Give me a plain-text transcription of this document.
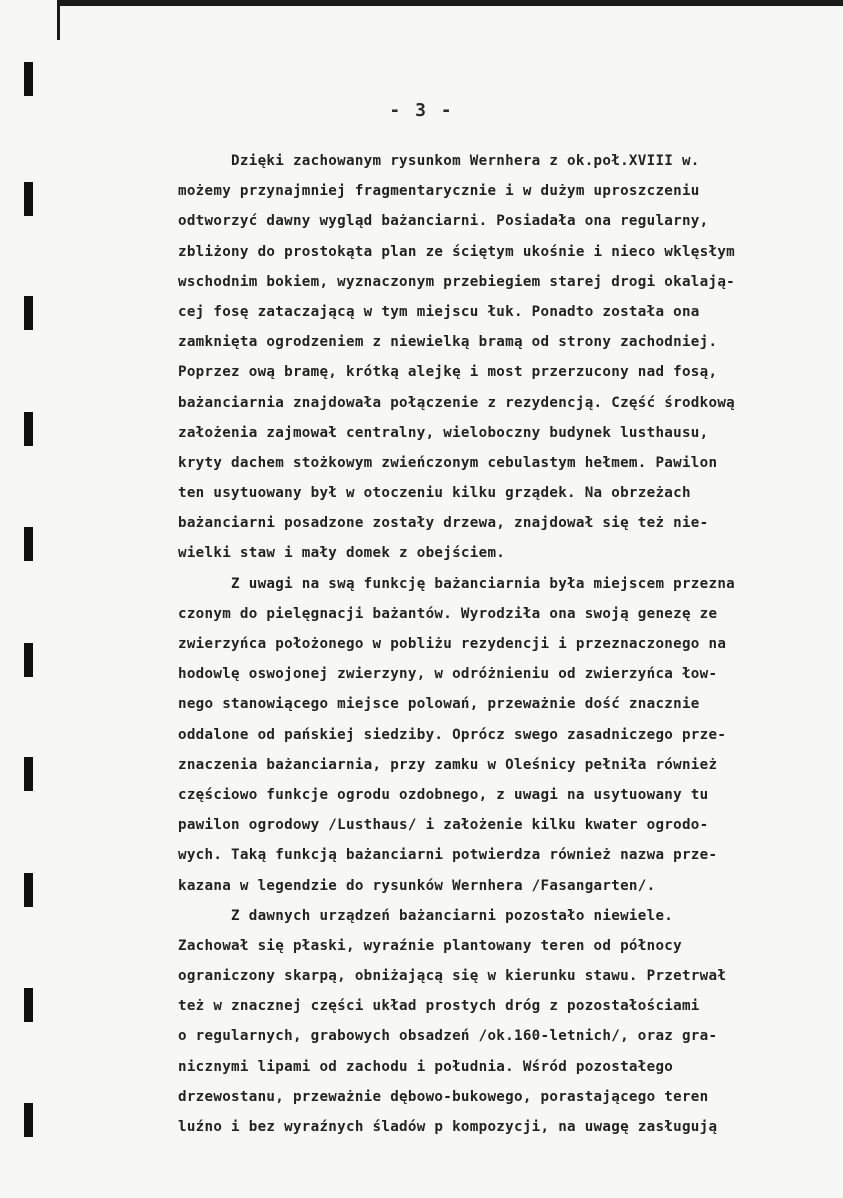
- 3 -
Dzięki zachowanym rysunkom Wernhera z ok.poł.XVIII w.
możemy przynajmniej fragmentarycznie i w dużym uproszczeniu
odtworzyć dawny wygląd bażanciarni. Posiadała ona regularny,
zbliżony do prostokąta plan ze ściętym ukośnie i nieco wklęsłym
wschodnim bokiem, wyznaczonym przebiegiem starej drogi okalają-
cej fosę zataczającą w tym miejscu łuk. Ponadto została ona
zamknięta ogrodzeniem z niewielką bramą od strony zachodniej.
Poprzez ową bramę, krótką alejkę i most przerzucony nad fosą,
bażanciarnia znajdowała połączenie z rezydencją. Część środkową
założenia zajmował centralny, wieloboczny budynek lusthausu,
kryty dachem stożkowym zwieńczonym cebulastym hełmem. Pawilon
ten usytuowany był w otoczeniu kilku grządek. Na obrzeżach
bażanciarni posadzone zostały drzewa, znajdował się też nie-
wielki staw i mały domek z obejściem.
Z uwagi na swą funkcję bażanciarnia była miejscem przezna
czonym do pielęgnacji bażantów. Wyrodziła ona swoją genezę ze
zwierzyńca położonego w pobliżu rezydencji i przeznaczonego na
hodowlę oswojonej zwierzyny, w odróżnieniu od zwierzyńca łow-
nego stanowiącego miejsce polowań, przeważnie dość znacznie
oddalone od pańskiej siedziby. Oprócz swego zasadniczego prze-
znaczenia bażanciarnia, przy zamku w Oleśnicy pełniła również
częściowo funkcje ogrodu ozdobnego, z uwagi na usytuowany tu
pawilon ogrodowy /Lusthaus/ i założenie kilku kwater ogrodo-
wych. Taką funkcją bażanciarni potwierdza również nazwa prze-
kazana w legendzie do rysunków Wernhera /Fasangarten/.
Z dawnych urządzeń bażanciarni pozostało niewiele.
Zachował się płaski, wyraźnie plantowany teren od północy
ograniczony skarpą, obniżającą się w kierunku stawu. Przetrwał
też w znacznej części układ prostych dróg z pozostałościami
o regularnych, grabowych obsadzeń /ok.160-letnich/, oraz gra-
nicznymi lipami od zachodu i południa. Wśród pozostałego
drzewostanu, przeważnie dębowo-bukowego, porastającego teren
luźno i bez wyraźnych śladów p kompozycji, na uwagę zasługują
